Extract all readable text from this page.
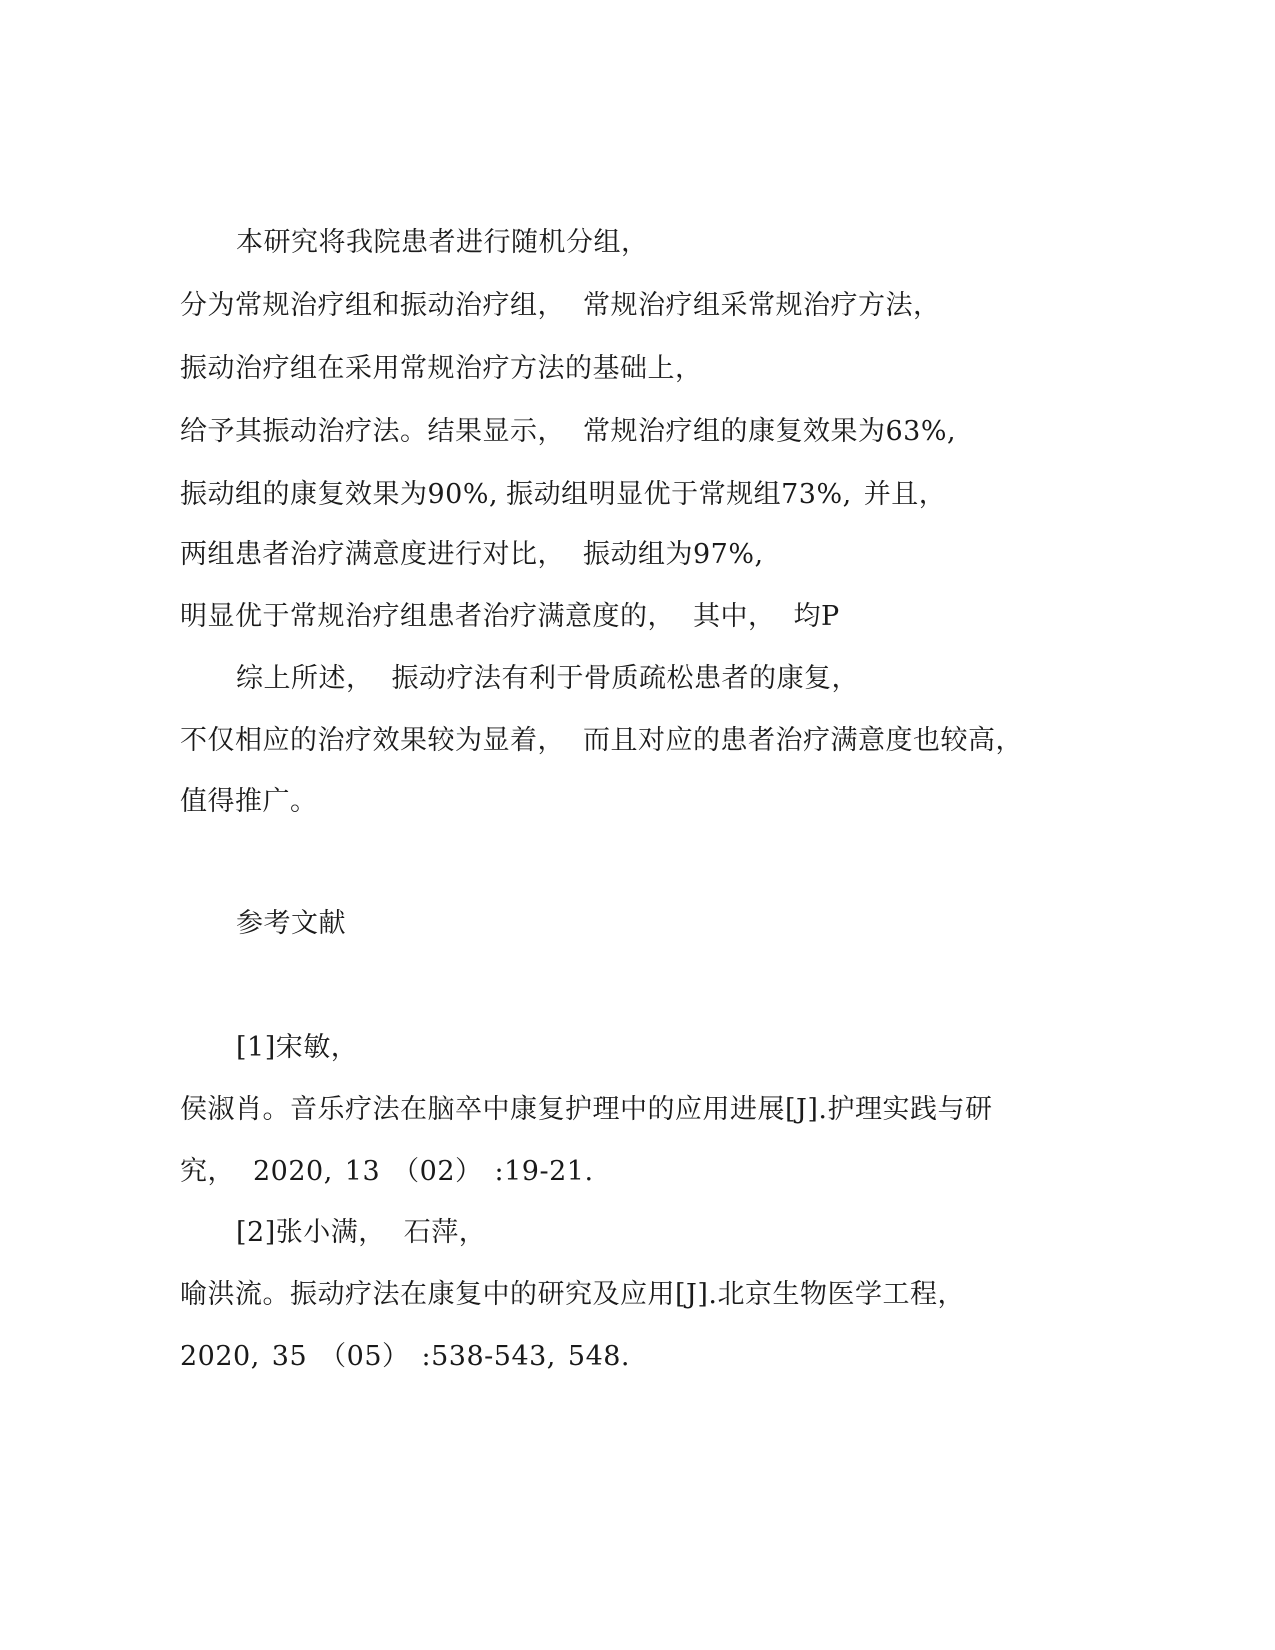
本研究将我院患者进行随机分组，
分为常规治疗组和振动治疗组， 常规治疗组采常规治疗方法，
振动治疗组在采用常规治疗方法的基础上，
给予其振动治疗法。结果显示， 常规治疗组的康复效果为63%,
振动组的康复效果为90%, 振动组明显优于常规组73%, 并且，
两组患者治疗满意度进行对比， 振动组为97%,
明显优于常规治疗组患者治疗满意度的， 其中， 均P
综上所述， 振动疗法有利于骨质疏松患者的康复，
不仅相应的治疗效果较为显着， 而且对应的患者治疗满意度也较高，
值得推广。
参考文献
[1]宋敏，
侯淑肖。音乐疗法在脑卒中康复护理中的应用进展[J].护理实践与研
究， 2020, 13 （02） :19-21.
[2]张小满， 石萍，
喻洪流。振动疗法在康复中的研究及应用[J].北京生物医学工程，
2020, 35 （05） :538-543, 548.
